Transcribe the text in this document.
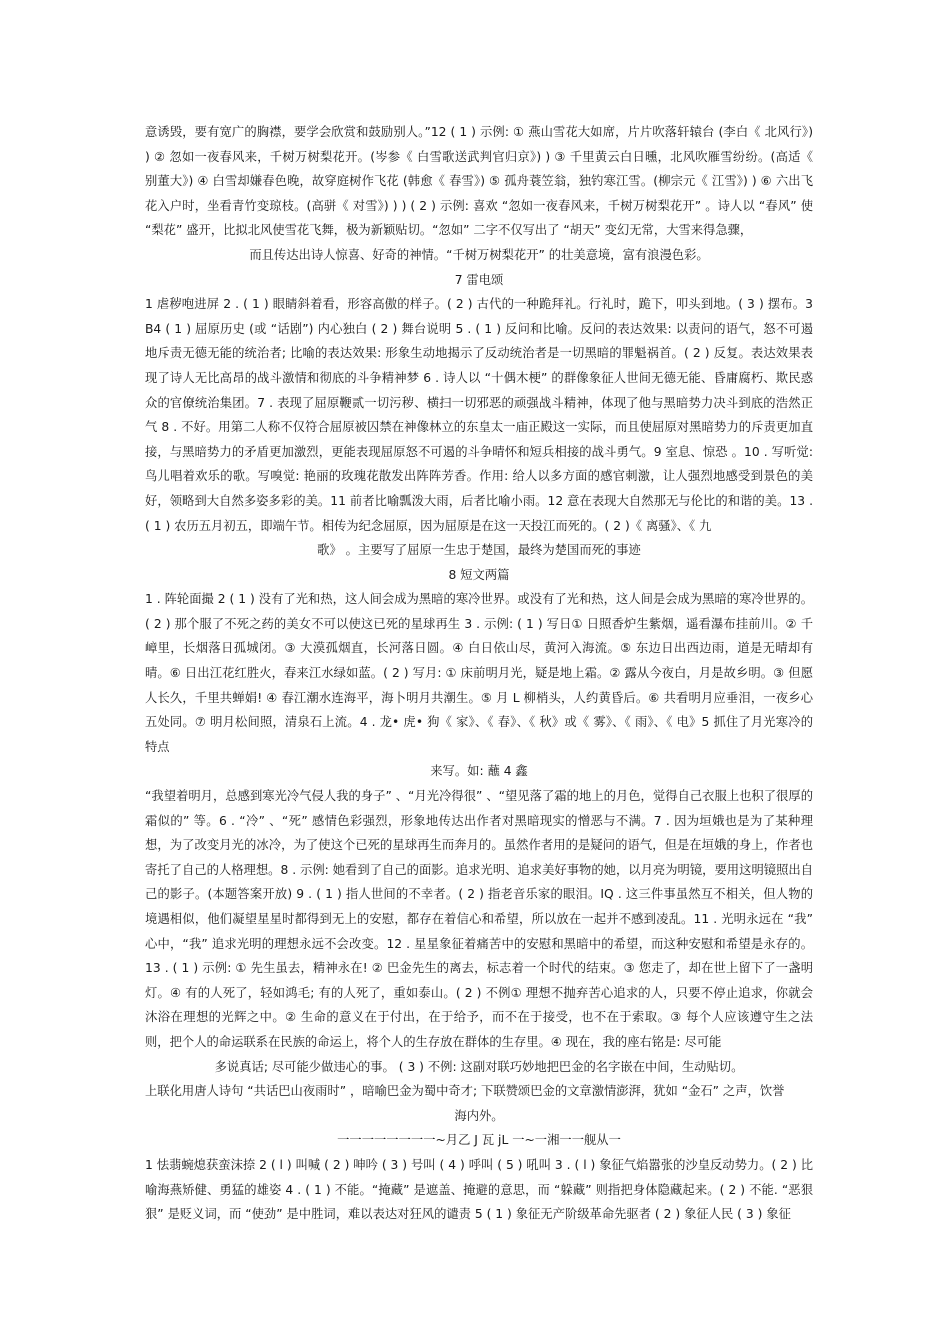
意诱毁，要有宽广的胸襟，要学会欣赏和鼓励别人。”12 ( 1 ) 示例: ① 燕山雪花大如席，片片吹落轩辕台 (李白《 北风行》) ) ② 忽如一夜春风来，千树万树梨花开。(岑参《 白雪歌送武判官归京》) ) ③ 千里黄云白日曛，北风吹雁雪纷纷。(高适《 别董大》) ④ 白雪却嫌春色晚，故穿庭树作飞花 (韩愈《 春雪》) ⑤ 孤舟蓑笠翁，独钓寒江雪。(柳宗元《 江雪》) ) ⑥ 六出飞花入户时，坐看青竹变琼枝。(高骈《 对雪》) ) ) ( 2 ) 示例: 喜欢 “忽如一夜春风来，千树万树梨花开” 。诗人以 “春风” 使 “梨花” 盛开，比拟北风使雪花飞舞，极为新颖贴切。“忽如” 二字不仅写出了 “胡天” 变幻无常，大雪来得急骤，

而且传达出诗人惊喜、好奇的神情。“千树万树梨花开” 的壮美意境，富有浪漫色彩。

7 雷电颂

1 虐秽咆进屏 2 . ( 1 ) 眼睛斜着看，形容高傲的样子。( 2 ) 古代的一种跪拜礼。行礼时，跪下，叩头到地。( 3 ) 摆布。3 B4 ( 1 ) 屈原历史 (或 “话剧”) 内心独白 ( 2 ) 舞台说明 5 . ( 1 ) 反问和比喻。反问的表达效果: 以责问的语气，怒不可遏地斥责无德无能的统治者; 比喻的表达效果: 形象生动地揭示了反动统治者是一切黑暗的罪魁祸首。( 2 ) 反复。表达效果表现了诗人无比高昂的战斗激情和彻底的斗争精神梦 6 . 诗人以 “十偶木梗” 的群像象征人世间无德无能、昏庸腐朽、欺民惑众的官僚统治集团。7 . 表现了屈原鞭贰一切污秽、横扫一切邪恶的顽强战斗精神，体现了他与黑暗势力决斗到底的浩然正气 8 . 不好。用第二人称不仅符合屈原被囚禁在神像林立的东皇太一庙正殿这一实际，而且使屈原对黑暗势力的斥责更加直接，与黑暗势力的矛盾更加激烈，更能表现屈原怒不可遏的斗争晴怀和短兵相接的战斗勇气。9 室息、惊恐 。10 . 写听觉: 鸟儿唱着欢乐的歌。写嗅觉: 艳丽的玫瑰花散发出阵阵芳香。作用: 给人以多方面的感官刺激，让人强烈地感受到景色的美好，领略到大自然多姿多彩的美。11 前者比喻瓢泼大雨，后者比喻小雨。12 意在表现大自然那无与伦比的和谐的美。13 . ( 1 ) 农历五月初五，即端午节。相传为纪念屈原，因为屈原是在这一天投江而死的。( 2 )《 离骚》、《 九

歌》 。主要写了屈原一生忠于楚国，最终为楚国而死的事迹

8 短文两篇

1 . 阵轮面撮 2 ( 1 ) 没有了光和热，这人间会成为黑暗的寒冷世界。或没有了光和热，这人间是会成为黑暗的寒冷世界的。( 2 ) 那个服了不死之药的美女不可以使这已死的星球再生 3 . 示例: ( 1 ) 写日① 日照香炉生紫烟，遥看瀑布挂前川。② 千嶂里，长烟落日孤城闭。③ 大漠孤烟直，长河落日圆。④ 白日依山尽，黄河入海流。⑤ 东边日出西边雨，道是无晴却有晴。⑥ 日出江花红胜火，春来江水绿如蓝。( 2 ) 写月: ① 床前明月光，疑是地上霜。② 露从今夜白，月是故乡明。③ 但愿人长久，千里共蝉娟! ④ 春江潮水连海平，海卜明月共潮生。⑤ 月 L 柳梢头，人约黄昏后。⑥ 共看明月应垂泪，一夜乡心五处同。⑦ 明月松间照，清泉石上流。4 . 龙• 虎• 狗《 家》、《 春》、《 秋》或《 雾》、《 雨》、《 电》5 抓住了月光寒冷的特点

来写。如: 蘸 4 鑫

“我望着明月，总感到寒光冷气侵人我的身子” 、“月光冷得很” 、“望见落了霜的地上的月色，觉得自己衣服上也积了很厚的霜似的” 等。6 . “冷” 、“死” 感情色彩强烈，形象地传达出作者对黑暗现实的憎恶与不满。7 . 因为垣娥也是为了某种理想，为了改变月光的冰冷，为了使这个已死的星球再生而奔月的。虽然作者用的是疑问的语气，但是在垣娥的身上，作者也寄托了自己的人格理想。8 . 示例: 她看到了自己的面影。追求光明、追求美好事物的她，以月亮为明镜，要用这明镜照出自己的影子。(本题答案开放) 9 . ( 1 ) 指人世间的不幸者。( 2 ) 指老音乐家的眼泪。IQ . 这三件事虽然互不相关，但人物的境遇相似，他们凝望星星时都得到无上的安慰，都存在着信心和希望，所以放在一起并不感到凌乱。11 . 光明永远在 “我” 心中，“我” 追求光明的理想永远不会改变。12 . 星星象征着痛苦中的安慰和黑暗中的希望，而这种安慰和希望是永存的。13 . ( 1 ) 示例: ① 先生虽去，精神永在! ② 巴金先生的离去，标志着一个时代的结束。③ 您走了，却在世上留下了一盏明灯。④ 有的人死了，轻如鸿毛; 有的人死了，重如泰山。( 2 ) 不例① 理想不抛弃苦心追求的人，只要不停止追求，你就会沐浴在理想的光辉之中。② 生命的意义在于付出，在于给予，而不在于接受，也不在于索取。③ 每个人应该遵守生之法则，把个人的命运联系在民族的命运上，将个人的生存放在群体的生存里。④ 现在，我的座右铭是: 尽可能

多说真话; 尽可能少做违心的事。 ( 3 ) 不例: 这副对联巧妙地把巴金的名字嵌在中间，生动贴切。

上联化用唐人诗句 “共话巴山夜雨时” ，暗喻巴金为蜀中奇才; 下联赞颂巴金的文章激情澎湃，犹如 “金石” 之声，饮誉

海内外。

一一一一一一一一~月乙 J 瓦 jL 一~一湘一一舰从一

1 怯翡蜿熄获蛮沫捺 2 ( l ) 叫喊 ( 2 ) 呻吟 ( 3 ) 号叫 ( 4 ) 呼叫 ( 5 ) 吼叫 3 . ( l ) 象征气焰嚣张的沙皇反动势力。( 2 ) 比喻海燕矫健、勇猛的雄姿 4 . ( 1 ) 不能。“掩藏” 是遮盖、掩避的意思，而 “躲藏” 则指把身体隐藏起来。( 2 ) 不能. “恶狠狠” 是贬义词，而 “使劲” 是中胜词，难以表达对狂风的谴责 5 ( 1 ) 象征无产阶级革命先驱者 ( 2 ) 象征人民 ( 3 ) 象征
